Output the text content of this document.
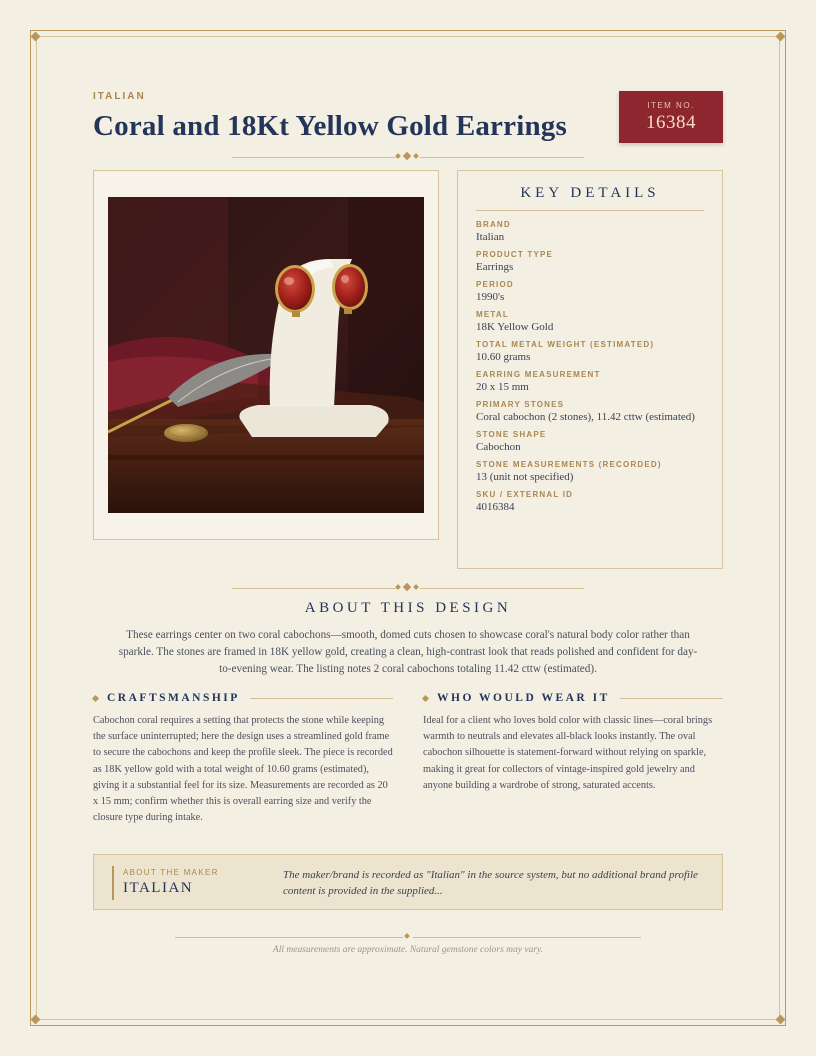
ITALIAN
Coral and 18Kt Yellow Gold Earrings
ITEM NO.
16384
KEY DETAILS
BRAND
Italian
PRODUCT TYPE
Earrings
PERIOD
1990's
METAL
18K Yellow Gold
TOTAL METAL WEIGHT (ESTIMATED)
10.60 grams
EARRING MEASUREMENT
20 x 15 mm
PRIMARY STONES
Coral cabochon (2 stones), 11.42 cttw (estimated)
STONE SHAPE
Cabochon
STONE MEASUREMENTS (RECORDED)
13 (unit not specified)
SKU / EXTERNAL ID
4016384
ABOUT THIS DESIGN

These earrings center on two coral cabochons—smooth, domed cuts chosen to showcase coral's natural body color rather than sparkle. The stones are framed in 18K yellow gold, creating a clean, high-contrast look that reads polished and confident for day-to-evening wear. The listing notes 2 coral cabochons totaling 11.42 cttw (estimated).

CRAFTSMANSHIP

Cabochon coral requires a setting that protects the stone while keeping the surface uninterrupted; here the design uses a streamlined gold frame to secure the cabochons and keep the profile sleek. The piece is recorded as 18K yellow gold with a total weight of 10.60 grams (estimated), giving it a substantial feel for its size. Measurements are recorded as 20 x 15 mm; confirm whether this is overall earring size and verify the closure type during intake.

WHO WOULD WEAR IT

Ideal for a client who loves bold color with classic lines—coral brings warmth to neutrals and elevates all-black looks instantly. The oval cabochon silhouette is statement-forward without relying on sparkle, making it great for collectors of vintage-inspired gold jewelry and anyone building a wardrobe of strong, saturated accents.

ABOUT THE MAKER
ITALIAN
The maker/brand is recorded as "Italian" in the source system, but no additional brand profile content is provided in the supplied...
All measurements are approximate. Natural gemstone colors may vary.
